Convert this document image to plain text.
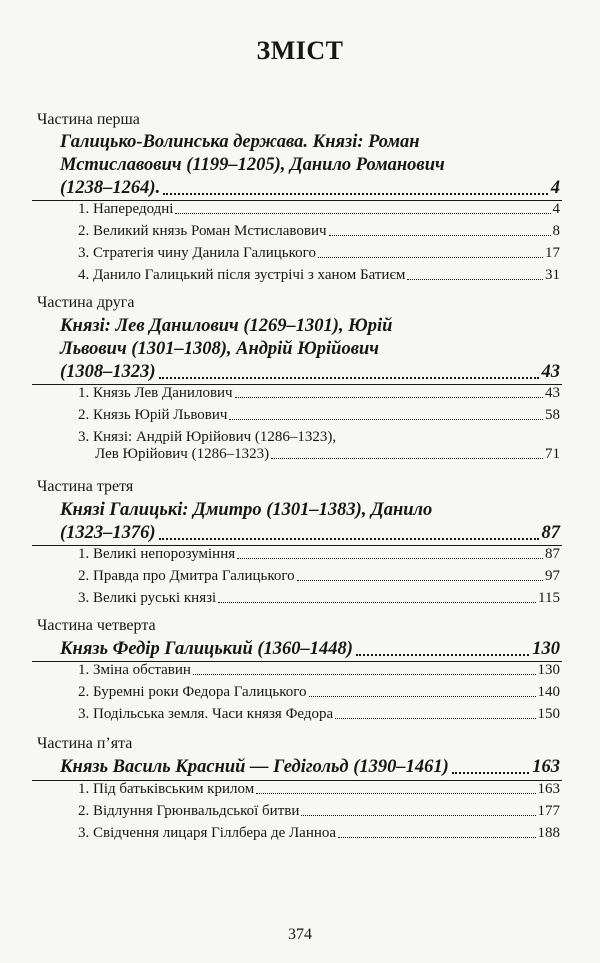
ЗМІСТ
Частина перша
Галицько-Волинська держава. Князі: Роман
Мстиславович (1199–1205), Данило Романович
(1238–1264).	4
1. Напередодні	4
2. Великий князь Роман Мстиславович	8
3. Стратегія чину Данила Галицького	17
4. Данило Галицький після зустрічі з ханом Батиєм	31
Частина друга
Князі: Лев Данилович (1269–1301), Юрій
Львович (1301–1308), Андрій Юрійович
(1308–1323)	43
1. Князь Лев Данилович	43
2. Князь Юрій Львович	58
3. Князі: Андрій Юрійович (1286–1323),
Лев Юрійович (1286–1323)	71
Частина третя
Князі Галицькі: Дмитро (1301–1383), Данило
(1323–1376)	87
1. Великі непорозуміння	87
2. Правда про Дмитра Галицького	97
3. Великі руські князі	115
Частина четверта
Князь Федір Галицький (1360–1448)	130
1. Зміна обставин	130
2. Буремні роки Федора Галицького	140
3. Подільська земля. Часи князя Федора	150
Частина п’ята
Князь Василь Красний — Гедігольд (1390–1461)	163
1. Під батьківським крилом	163
2. Відлуння Грюнвальдської битви	177
3. Свідчення лицаря Гіллбера де Ланноа	188
374
